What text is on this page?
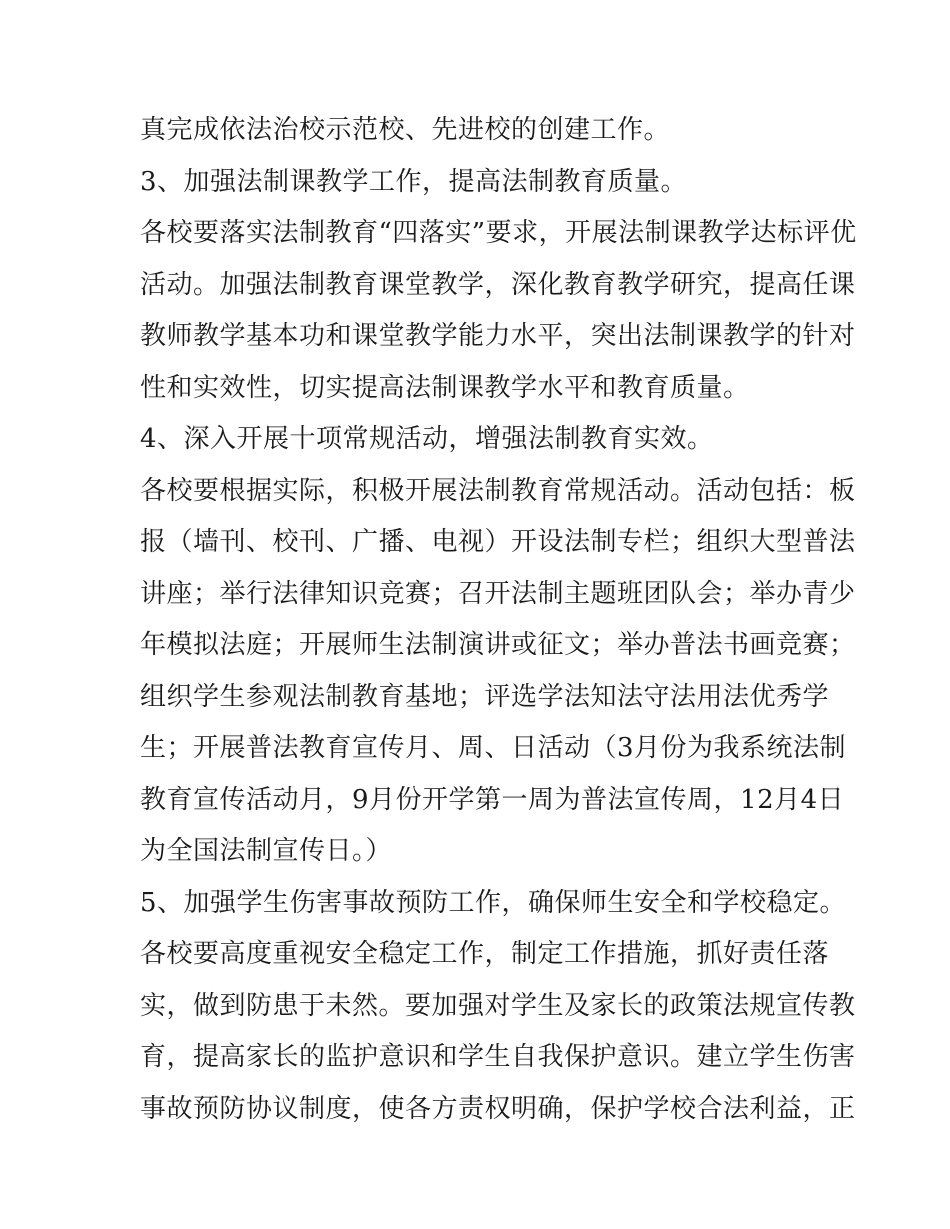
真完成依法治校示范校、先进校的创建工作。
3、加强法制课教学工作，提高法制教育质量。
各校要落实法制教育“四落实”要求，开展法制课教学达标评优
活动。加强法制教育课堂教学，深化教育教学研究，提高任课
教师教学基本功和课堂教学能力水平，突出法制课教学的针对
性和实效性，切实提高法制课教学水平和教育质量。
4、深入开展十项常规活动，增强法制教育实效。
各校要根据实际，积极开展法制教育常规活动。活动包括：板
报（墙刊、校刊、广播、电视）开设法制专栏；组织大型普法
讲座；举行法律知识竞赛；召开法制主题班团队会；举办青少
年模拟法庭；开展师生法制演讲或征文；举办普法书画竞赛；
组织学生参观法制教育基地；评选学法知法守法用法优秀学
生；开展普法教育宣传月、周、日活动（3月份为我系统法制
教育宣传活动月，9月份开学第一周为普法宣传周，12月4日
为全国法制宣传日。）
5、加强学生伤害事故预防工作，确保师生安全和学校稳定。
各校要高度重视安全稳定工作，制定工作措施，抓好责任落
实，做到防患于未然。要加强对学生及家长的政策法规宣传教
育，提高家长的监护意识和学生自我保护意识。建立学生伤害
事故预防协议制度，使各方责权明确，保护学校合法利益，正
